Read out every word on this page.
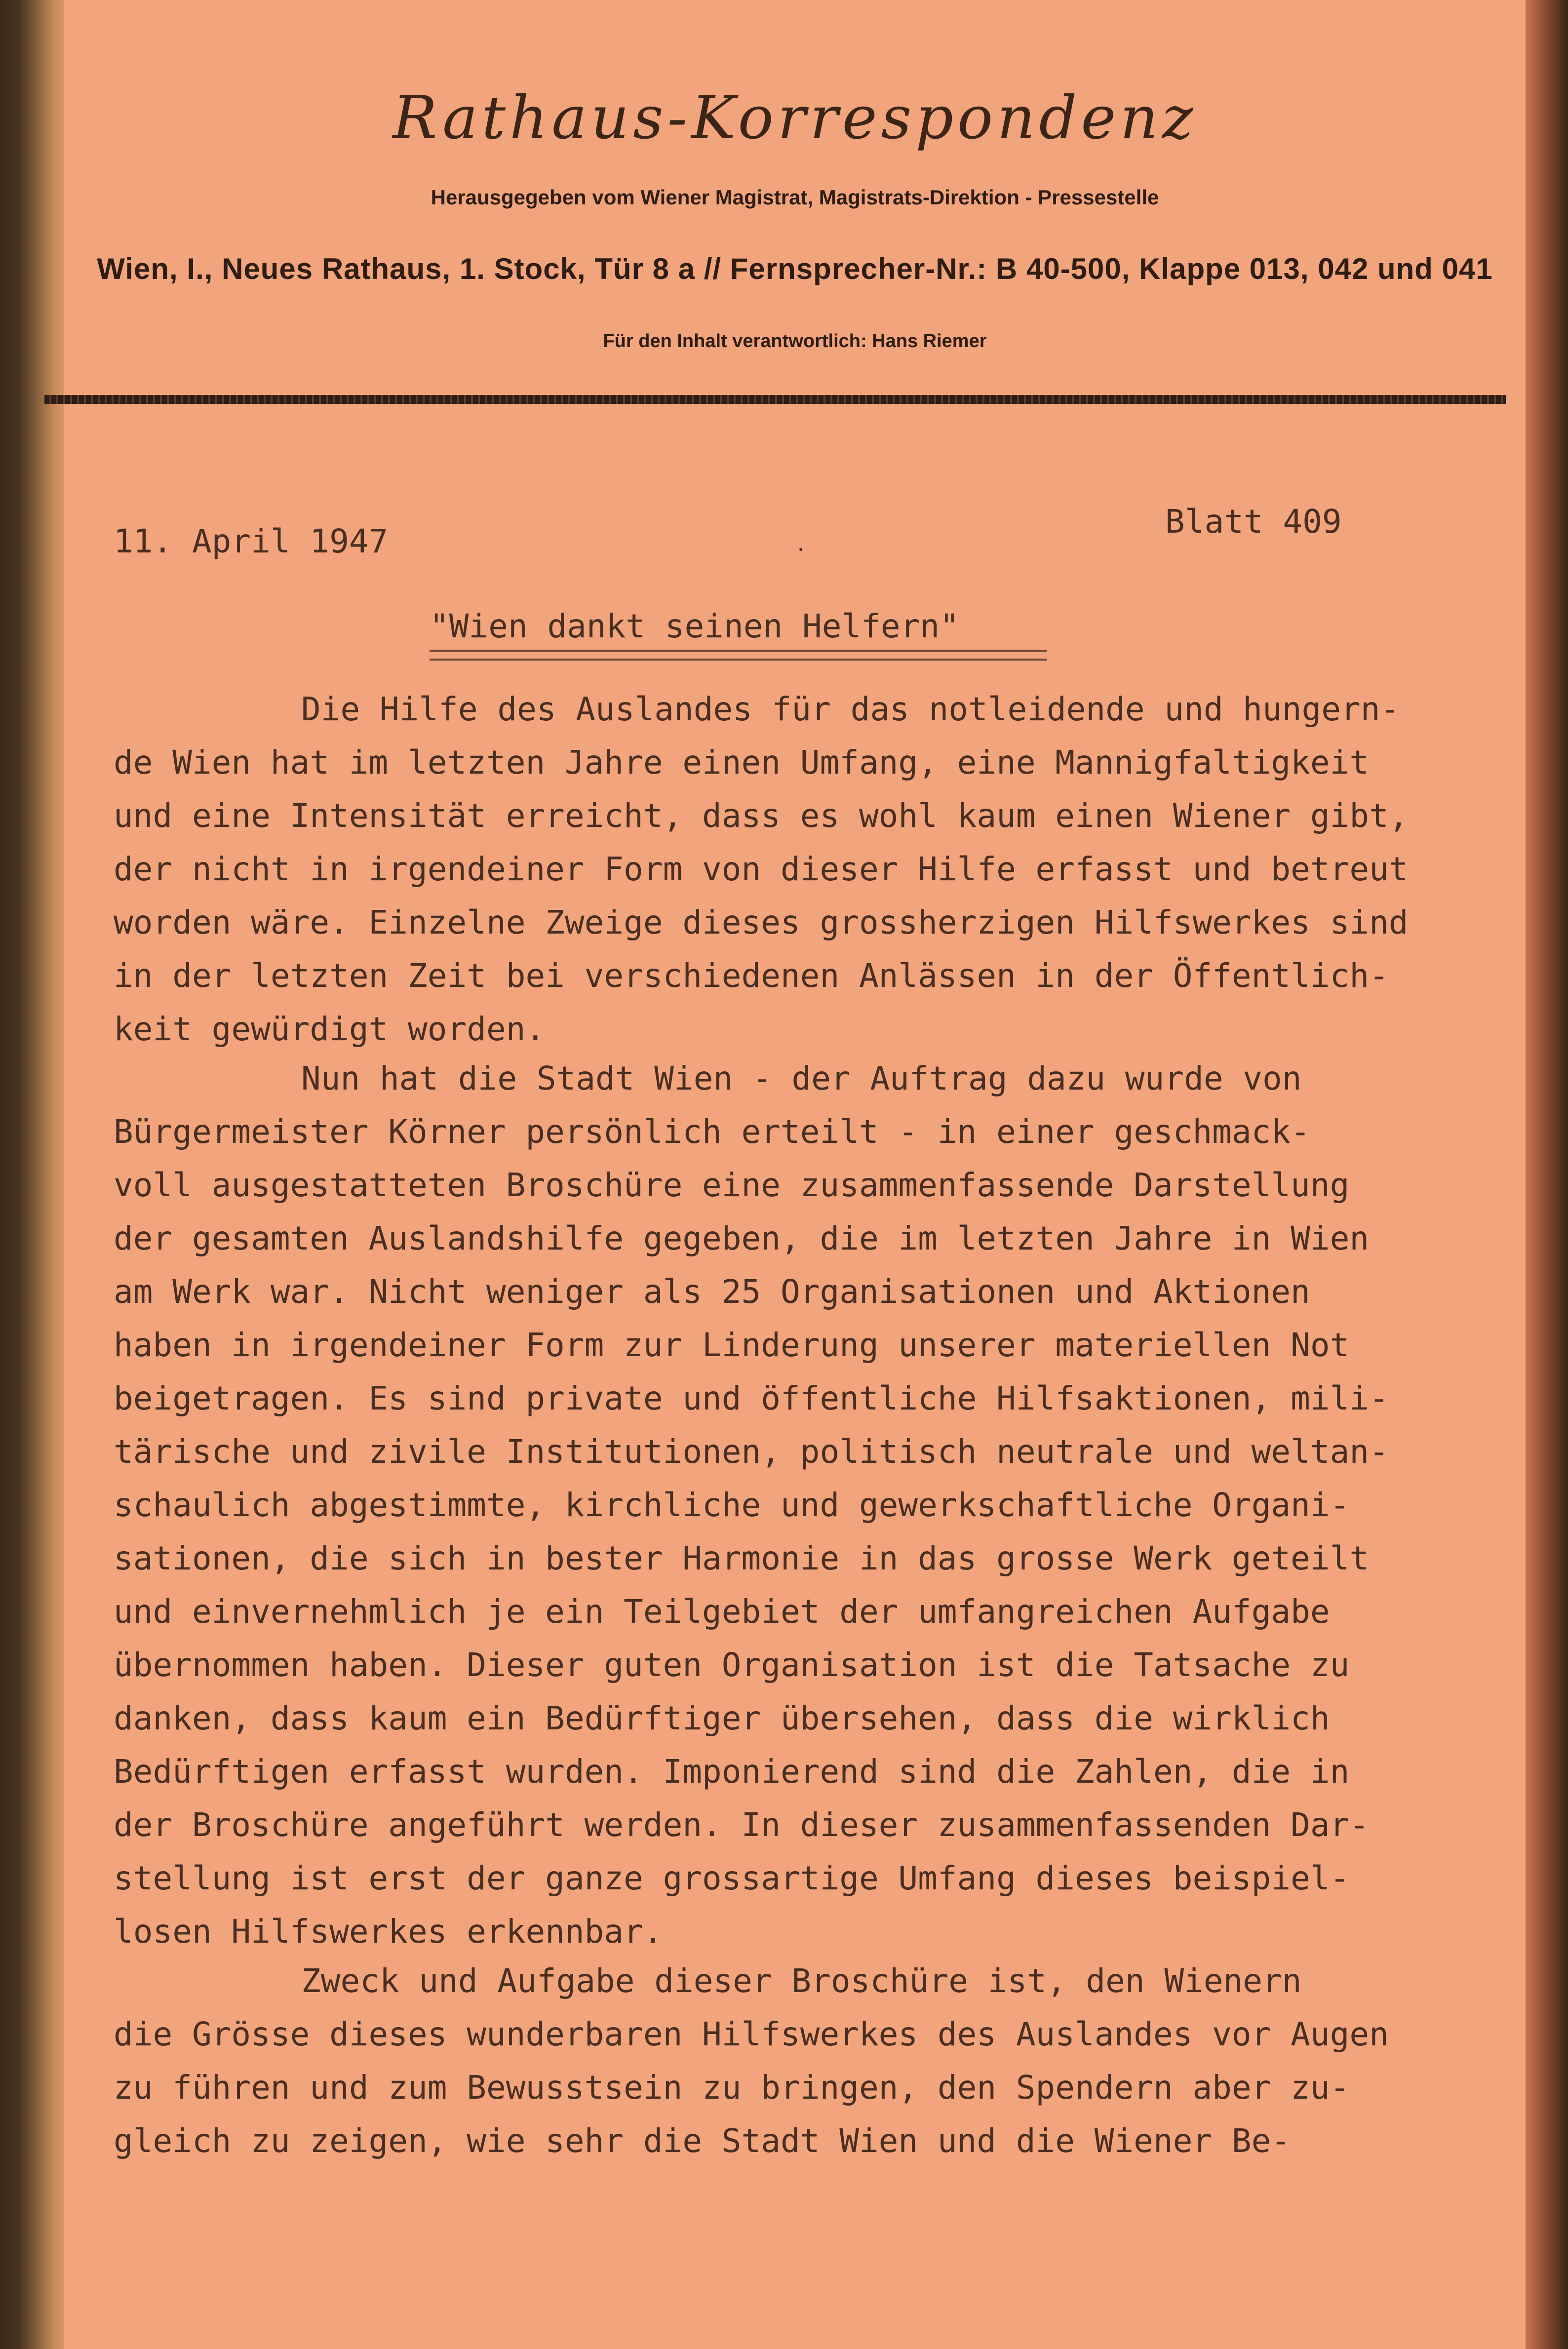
Rathaus-Korrespondenz
Herausgegeben vom Wiener Magistrat, Magistrats-Direktion - Pressestelle
Wien, I., Neues Rathaus, 1. Stock, Tür 8 a // Fernsprecher-Nr.: B 40-500, Klappe 013, 042 und 041
Für den Inhalt verantwortlich: Hans Riemer
11. April 1947
Blatt 409
.
"Wien dankt seinen Helfern"
Die Hilfe des Auslandes für das notleidende und hungern-
de Wien hat im letzten Jahre einen Umfang, eine Mannigfaltigkeit
und eine Intensität erreicht, dass es wohl kaum einen Wiener gibt,
der nicht in irgendeiner Form von dieser Hilfe erfasst und betreut
worden wäre. Einzelne Zweige dieses grossherzigen Hilfswerkes sind
in der letzten Zeit bei verschiedenen Anlässen in der Öffentlich-
keit gewürdigt worden.
Nun hat die Stadt Wien - der Auftrag dazu wurde von
Bürgermeister Körner persönlich erteilt - in einer geschmack-
voll ausgestatteten Broschüre eine zusammenfassende Darstellung
der gesamten Auslandshilfe gegeben, die im letzten Jahre in Wien
am Werk war. Nicht weniger als 25 Organisationen und Aktionen
haben in irgendeiner Form zur Linderung unserer materiellen Not
beigetragen. Es sind private und öffentliche Hilfsaktionen, mili-
tärische und zivile Institutionen, politisch neutrale und weltan-
schaulich abgestimmte, kirchliche und gewerkschaftliche Organi-
sationen, die sich in bester Harmonie in das grosse Werk geteilt
und einvernehmlich je ein Teilgebiet der umfangreichen Aufgabe
übernommen haben. Dieser guten Organisation ist die Tatsache zu
danken, dass kaum ein Bedürftiger übersehen, dass die wirklich
Bedürftigen erfasst wurden. Imponierend sind die Zahlen, die in
der Broschüre angeführt werden. In dieser zusammenfassenden Dar-
stellung ist erst der ganze grossartige Umfang dieses beispiel-
losen Hilfswerkes erkennbar.
Zweck und Aufgabe dieser Broschüre ist, den Wienern
die Grösse dieses wunderbaren Hilfswerkes des Auslandes vor Augen
zu führen und zum Bewusstsein zu bringen, den Spendern aber zu-
gleich zu zeigen, wie sehr die Stadt Wien und die Wiener Be-
